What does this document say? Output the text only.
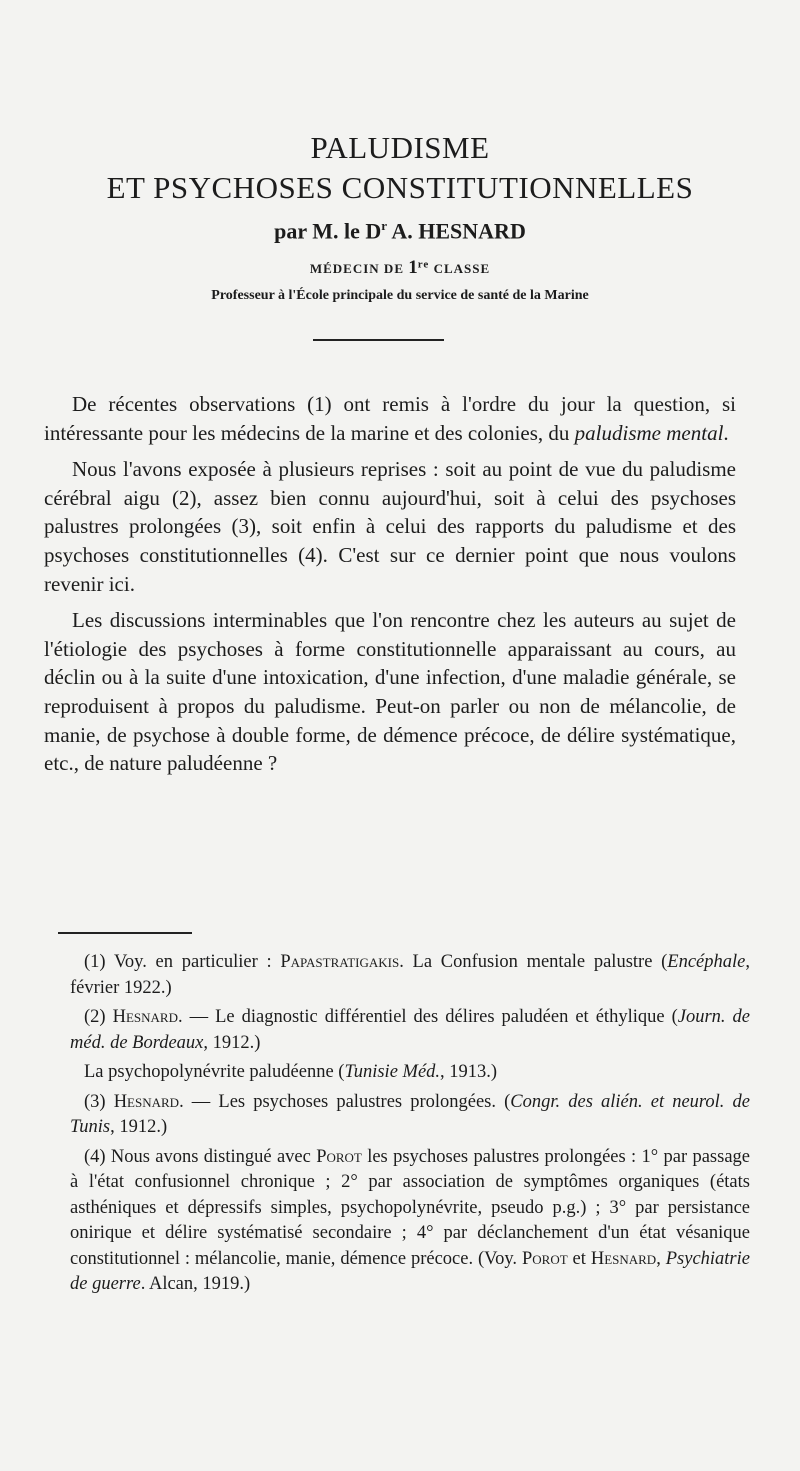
PALUDISME
ET PSYCHOSES CONSTITUTIONNELLES
par M. le $D^r$ A. HESNARD
MÉDECIN DE 1re CLASSE
Professeur à l'École principale du service de santé de la Marine

De récentes observations (1) ont remis à l'ordre du jour la question, si intéressante pour les médecins de la marine et des colonies, du paludisme mental.

Nous l'avons exposée à plusieurs reprises : soit au point de vue du paludisme cérébral aigu (2), assez bien connu aujourd'hui, soit à celui des psychoses palustres prolongées (3), soit enfin à celui des rapports du paludisme et des psychoses constitutionnelles (4). C'est sur ce dernier point que nous voulons revenir ici.

Les discussions interminables que l'on rencontre chez les auteurs au sujet de l'étiologie des psychoses à forme constitutionnelle apparaissant au cours, au déclin ou à la suite d'une intoxication, d'une infection, d'une maladie générale, se reproduisent à propos du paludisme. Peut-on parler ou non de mélancolie, de manie, de psychose à double forme, de démence précoce, de délire systématique, etc., de nature paludéenne ?

(1) Voy. en particulier : Papastratigakis. La Confusion mentale palustre (Encéphale, février 1922.)

(2) Hesnard. — Le diagnostic différentiel des délires paludéen et éthylique (Journ. de méd. de Bordeaux, 1912.)

La psychopolynévrite paludéenne (Tunisie Méd., 1913.)

(3) Hesnard. — Les psychoses palustres prolongées. (Congr. des alién. et neurol. de Tunis, 1912.)

(4) Nous avons distingué avec Porot les psychoses palustres prolongées : 1° par passage à l'état confusionnel chronique ; 2° par association de symptômes organiques (états asthéniques et dépressifs simples, psychopolynévrite, pseudo p.g.) ; 3° par persistance onirique et délire systématisé secondaire ; 4° par déclanchement d'un état vésanique constitutionnel : mélancolie, manie, démence précoce. (Voy. Porot et Hesnard, Psychiatrie de guerre. Alcan, 1919.)
